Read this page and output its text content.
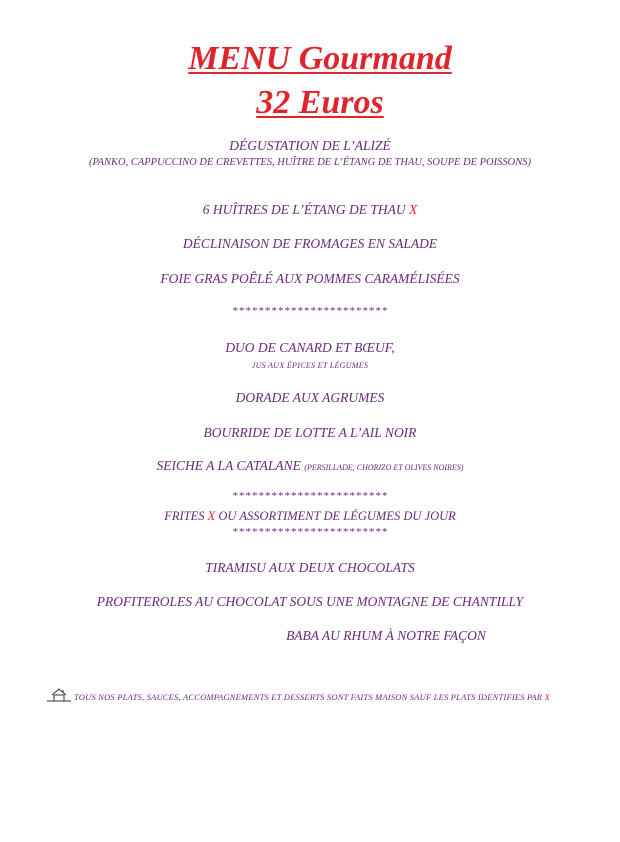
MENU Gourmand
32 Euros
DÉGUSTATION DE L’ALIZÉ
(PANKO, CAPPUCCINO DE CREVETTES, HUÎTRE DE L’ÉTANG DE THAU, SOUPE DE POISSONS)
6 HUÎTRES DE L’ÉTANG DE THAU X
DÉCLINAISON DE FROMAGES EN SALADE
FOIE GRAS POÊLÉ AUX POMMES CARAMÉLISÉES
************************
DUO DE CANARD ET BŒUF,
JUS AUX ÉPICES ET LÉGUMES
DORADE AUX AGRUMES
BOURRIDE DE LOTTE A L’AIL NOIR
SEICHE A LA CATALANE (PERSILLADE, CHORIZO ET OLIVES NOIRES)
************************
FRITES X OU ASSORTIMENT DE LÉGUMES DU JOUR
************************
TIRAMISU AUX DEUX CHOCOLATS
PROFITEROLES AU CHOCOLAT SOUS UNE MONTAGNE DE CHANTILLY
BABA AU RHUM À NOTRE FAÇON
TOUS NOS PLATS, SAUCES, ACCOMPAGNEMENTS ET DESSERTS SONT FAITS MAISON SAUF LES PLATS IDENTIFIES PAR X
